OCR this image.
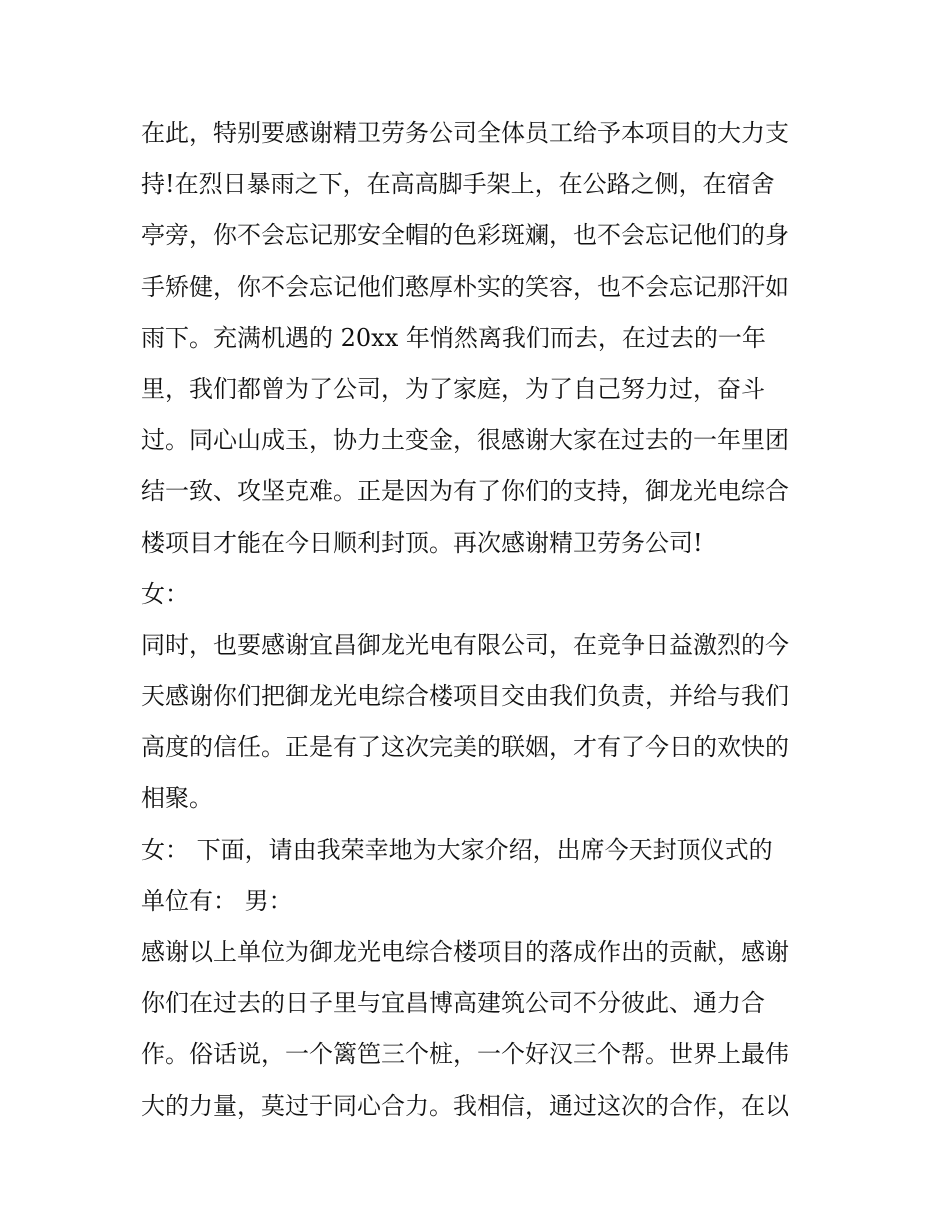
在此，特别要感谢精卫劳务公司全体员工给予本项目的大力支
持!在烈日暴雨之下，在高高脚手架上，在公路之侧，在宿舍
亭旁，你不会忘记那安全帽的色彩斑斓，也不会忘记他们的身
手矫健，你不会忘记他们憨厚朴实的笑容，也不会忘记那汗如
雨下。充满机遇的 20xx 年悄然离我们而去，在过去的一年
里，我们都曾为了公司，为了家庭，为了自己努力过，奋斗
过。同心山成玉，协力土变金，很感谢大家在过去的一年里团
结一致、攻坚克难。正是因为有了你们的支持，御龙光电综合
楼项目才能在今日顺利封顶。再次感谢精卫劳务公司!
女：
同时，也要感谢宜昌御龙光电有限公司，在竞争日益激烈的今
天感谢你们把御龙光电综合楼项目交由我们负责，并给与我们
高度的信任。正是有了这次完美的联姻，才有了今日的欢快的
相聚。
女： 下面，请由我荣幸地为大家介绍，出席今天封顶仪式的
单位有： 男：
感谢以上单位为御龙光电综合楼项目的落成作出的贡献，感谢
你们在过去的日子里与宜昌博高建筑公司不分彼此、通力合
作。俗话说，一个篱笆三个桩，一个好汉三个帮。世界上最伟
大的力量，莫过于同心合力。我相信，通过这次的合作，在以
